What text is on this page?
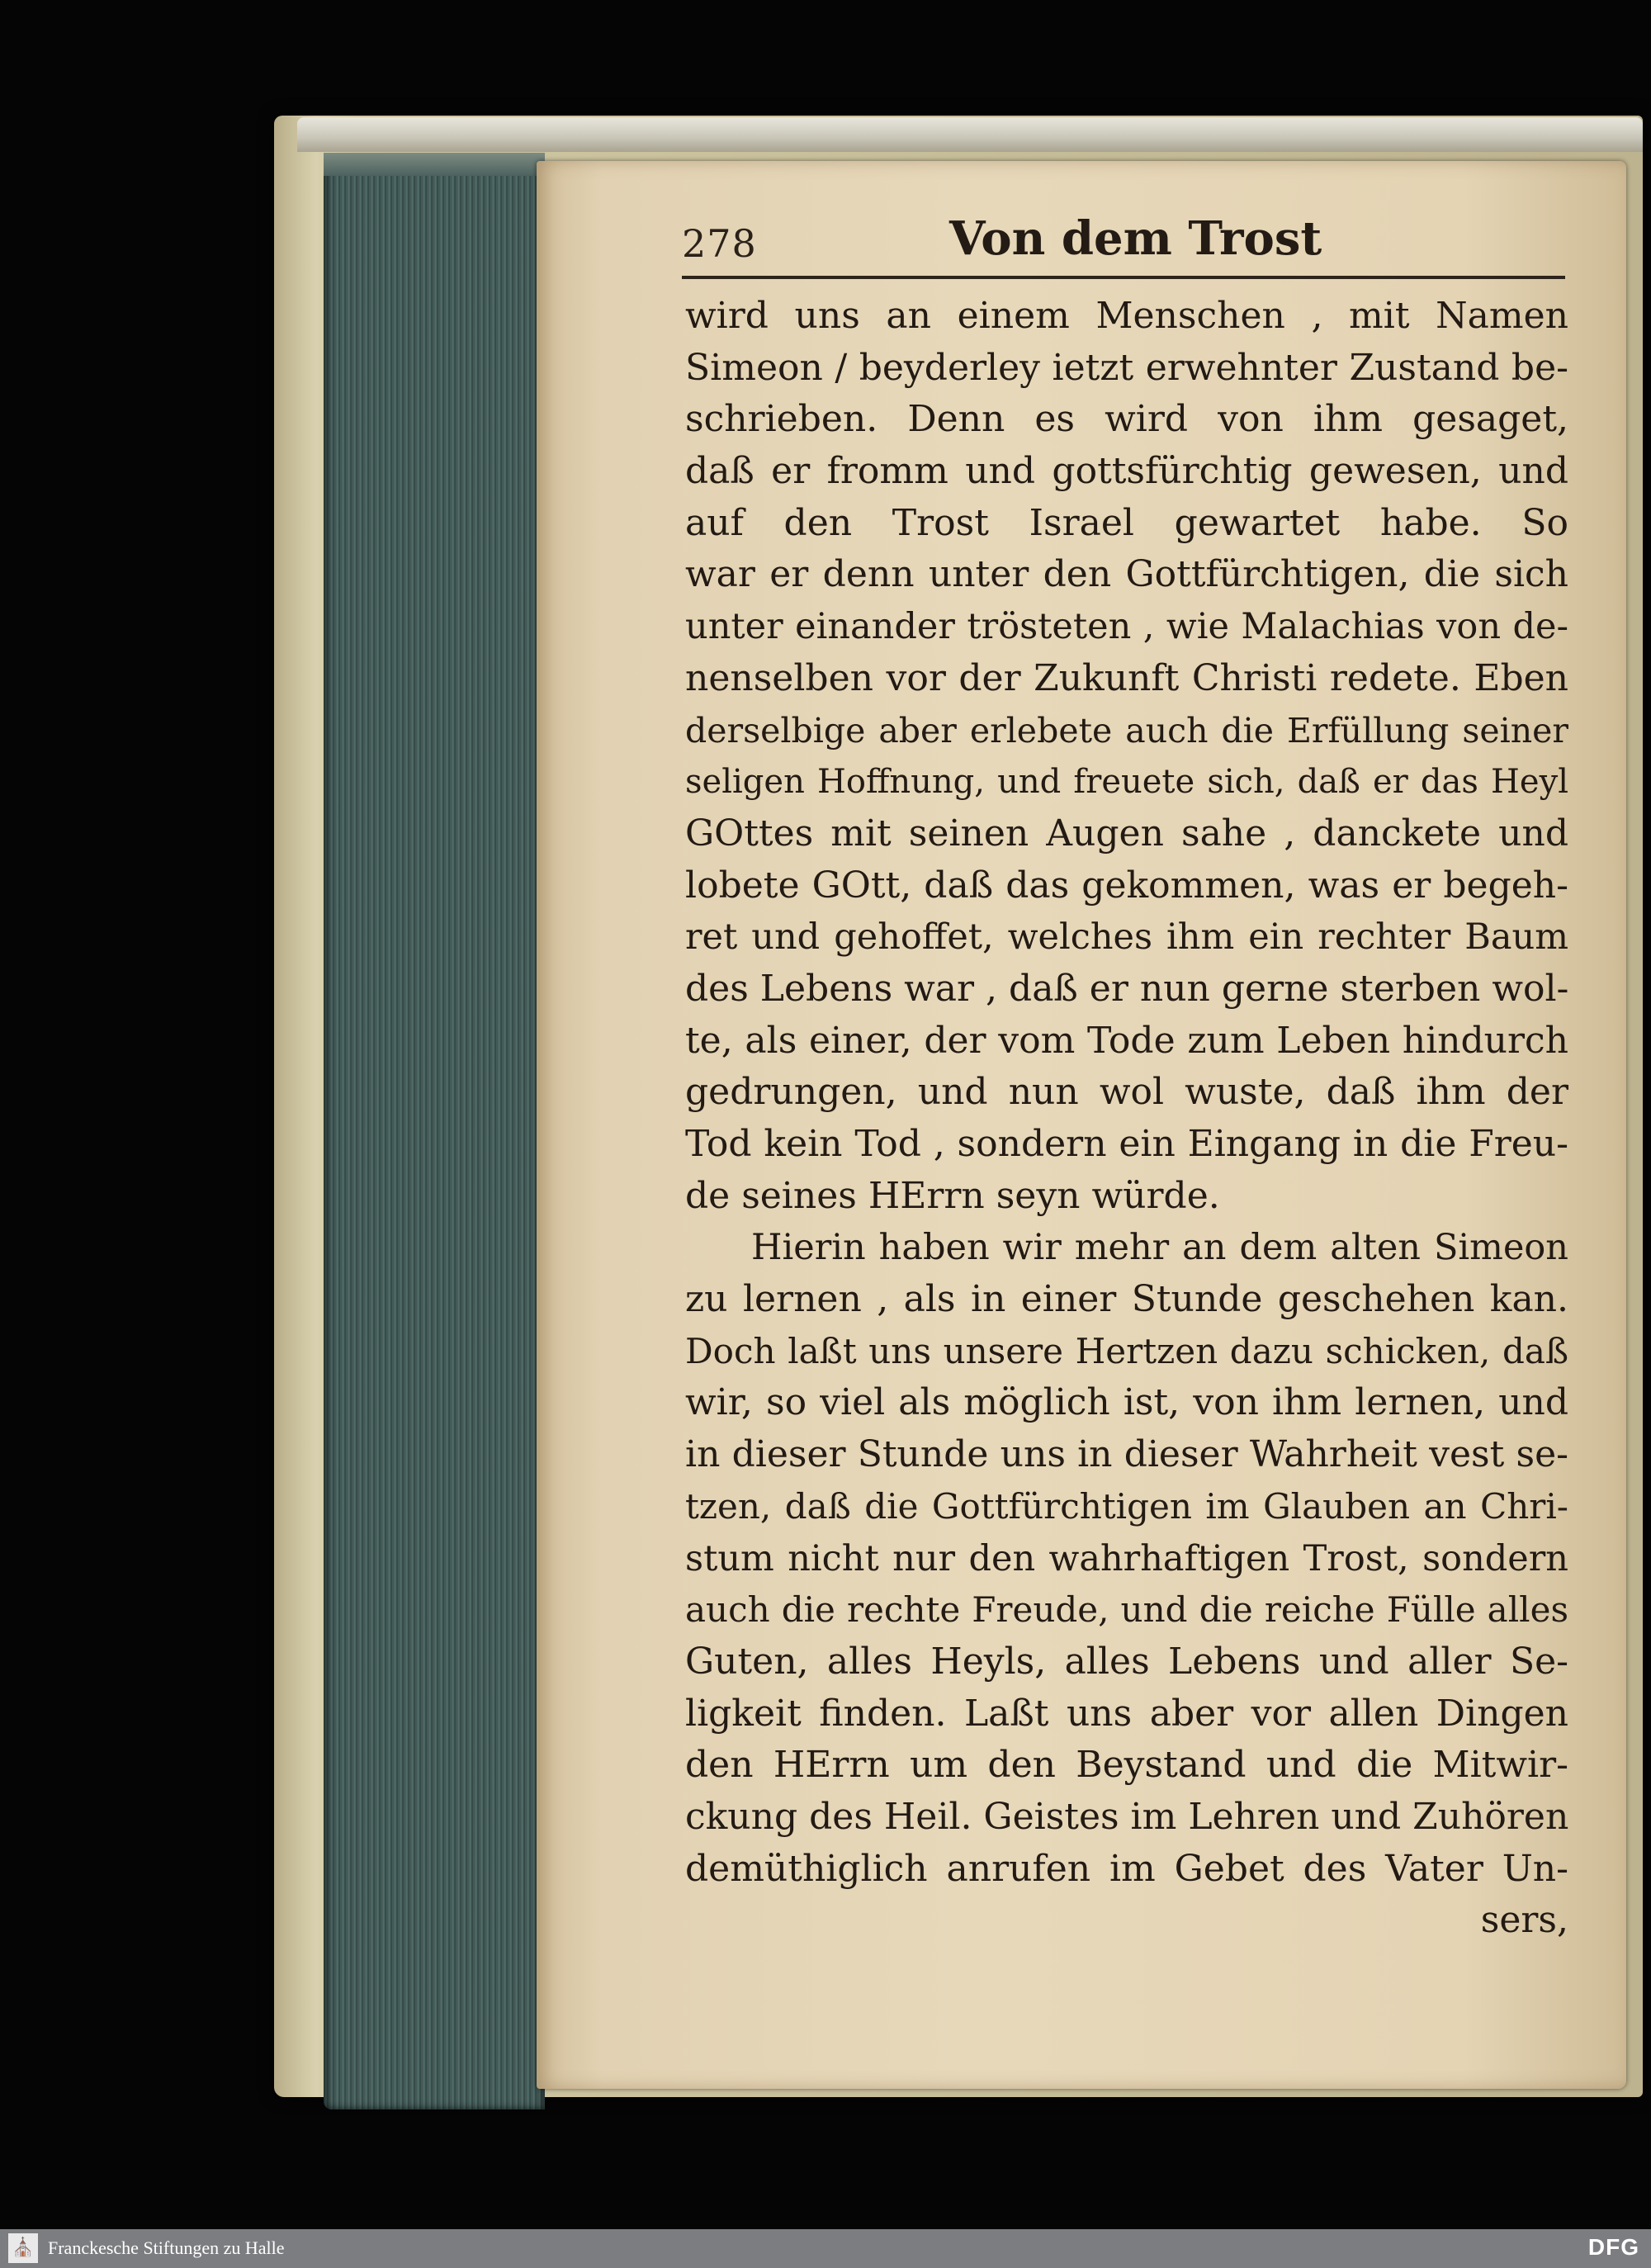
278	Von dem Trost
wird uns an einem Menschen , mit Namen
Simeon / beyderley ietzt erwehnter Zustand be-
schrieben. Denn es wird von ihm gesaget,
daß er fromm und gottsfürchtig gewesen, und
auf den Trost Israel gewartet habe. So
war er denn unter den Gottfürchtigen, die sich
unter einander trösteten , wie Malachias von de-
nenselben vor der Zukunft Christi redete. Eben
derselbige aber erlebete auch die Erfüllung seiner
seligen Hoffnung, und freuete sich, daß er das Heyl
GOttes mit seinen Augen sahe , danckete und
lobete GOtt, daß das gekommen, was er begeh-
ret und gehoffet, welches ihm ein rechter Baum
des Lebens war , daß er nun gerne sterben wol-
te, als einer, der vom Tode zum Leben hindurch
gedrungen, und nun wol wuste, daß ihm der
Tod kein Tod , sondern ein Eingang in die Freu-
de seines HErrn seyn würde.
Hierin haben wir mehr an dem alten Simeon
zu lernen , als in einer Stunde geschehen kan.
Doch laßt uns unsere Hertzen dazu schicken, daß
wir, so viel als möglich ist, von ihm lernen, und
in dieser Stunde uns in dieser Wahrheit vest se-
tzen, daß die Gottfürchtigen im Glauben an Chri-
stum nicht nur den wahrhaftigen Trost, sondern
auch die rechte Freude, und die reiche Fülle alles
Guten, alles Heyls, alles Lebens und aller Se-
ligkeit finden. Laßt uns aber vor allen Dingen
den HErrn um den Beystand und die Mitwir-
ckung des Heil. Geistes im Lehren und Zuhören
demüthiglich anrufen im Gebet des Vater Un-
sers,
⛪ Franckesche Stiftungen zu Halle	DFG
